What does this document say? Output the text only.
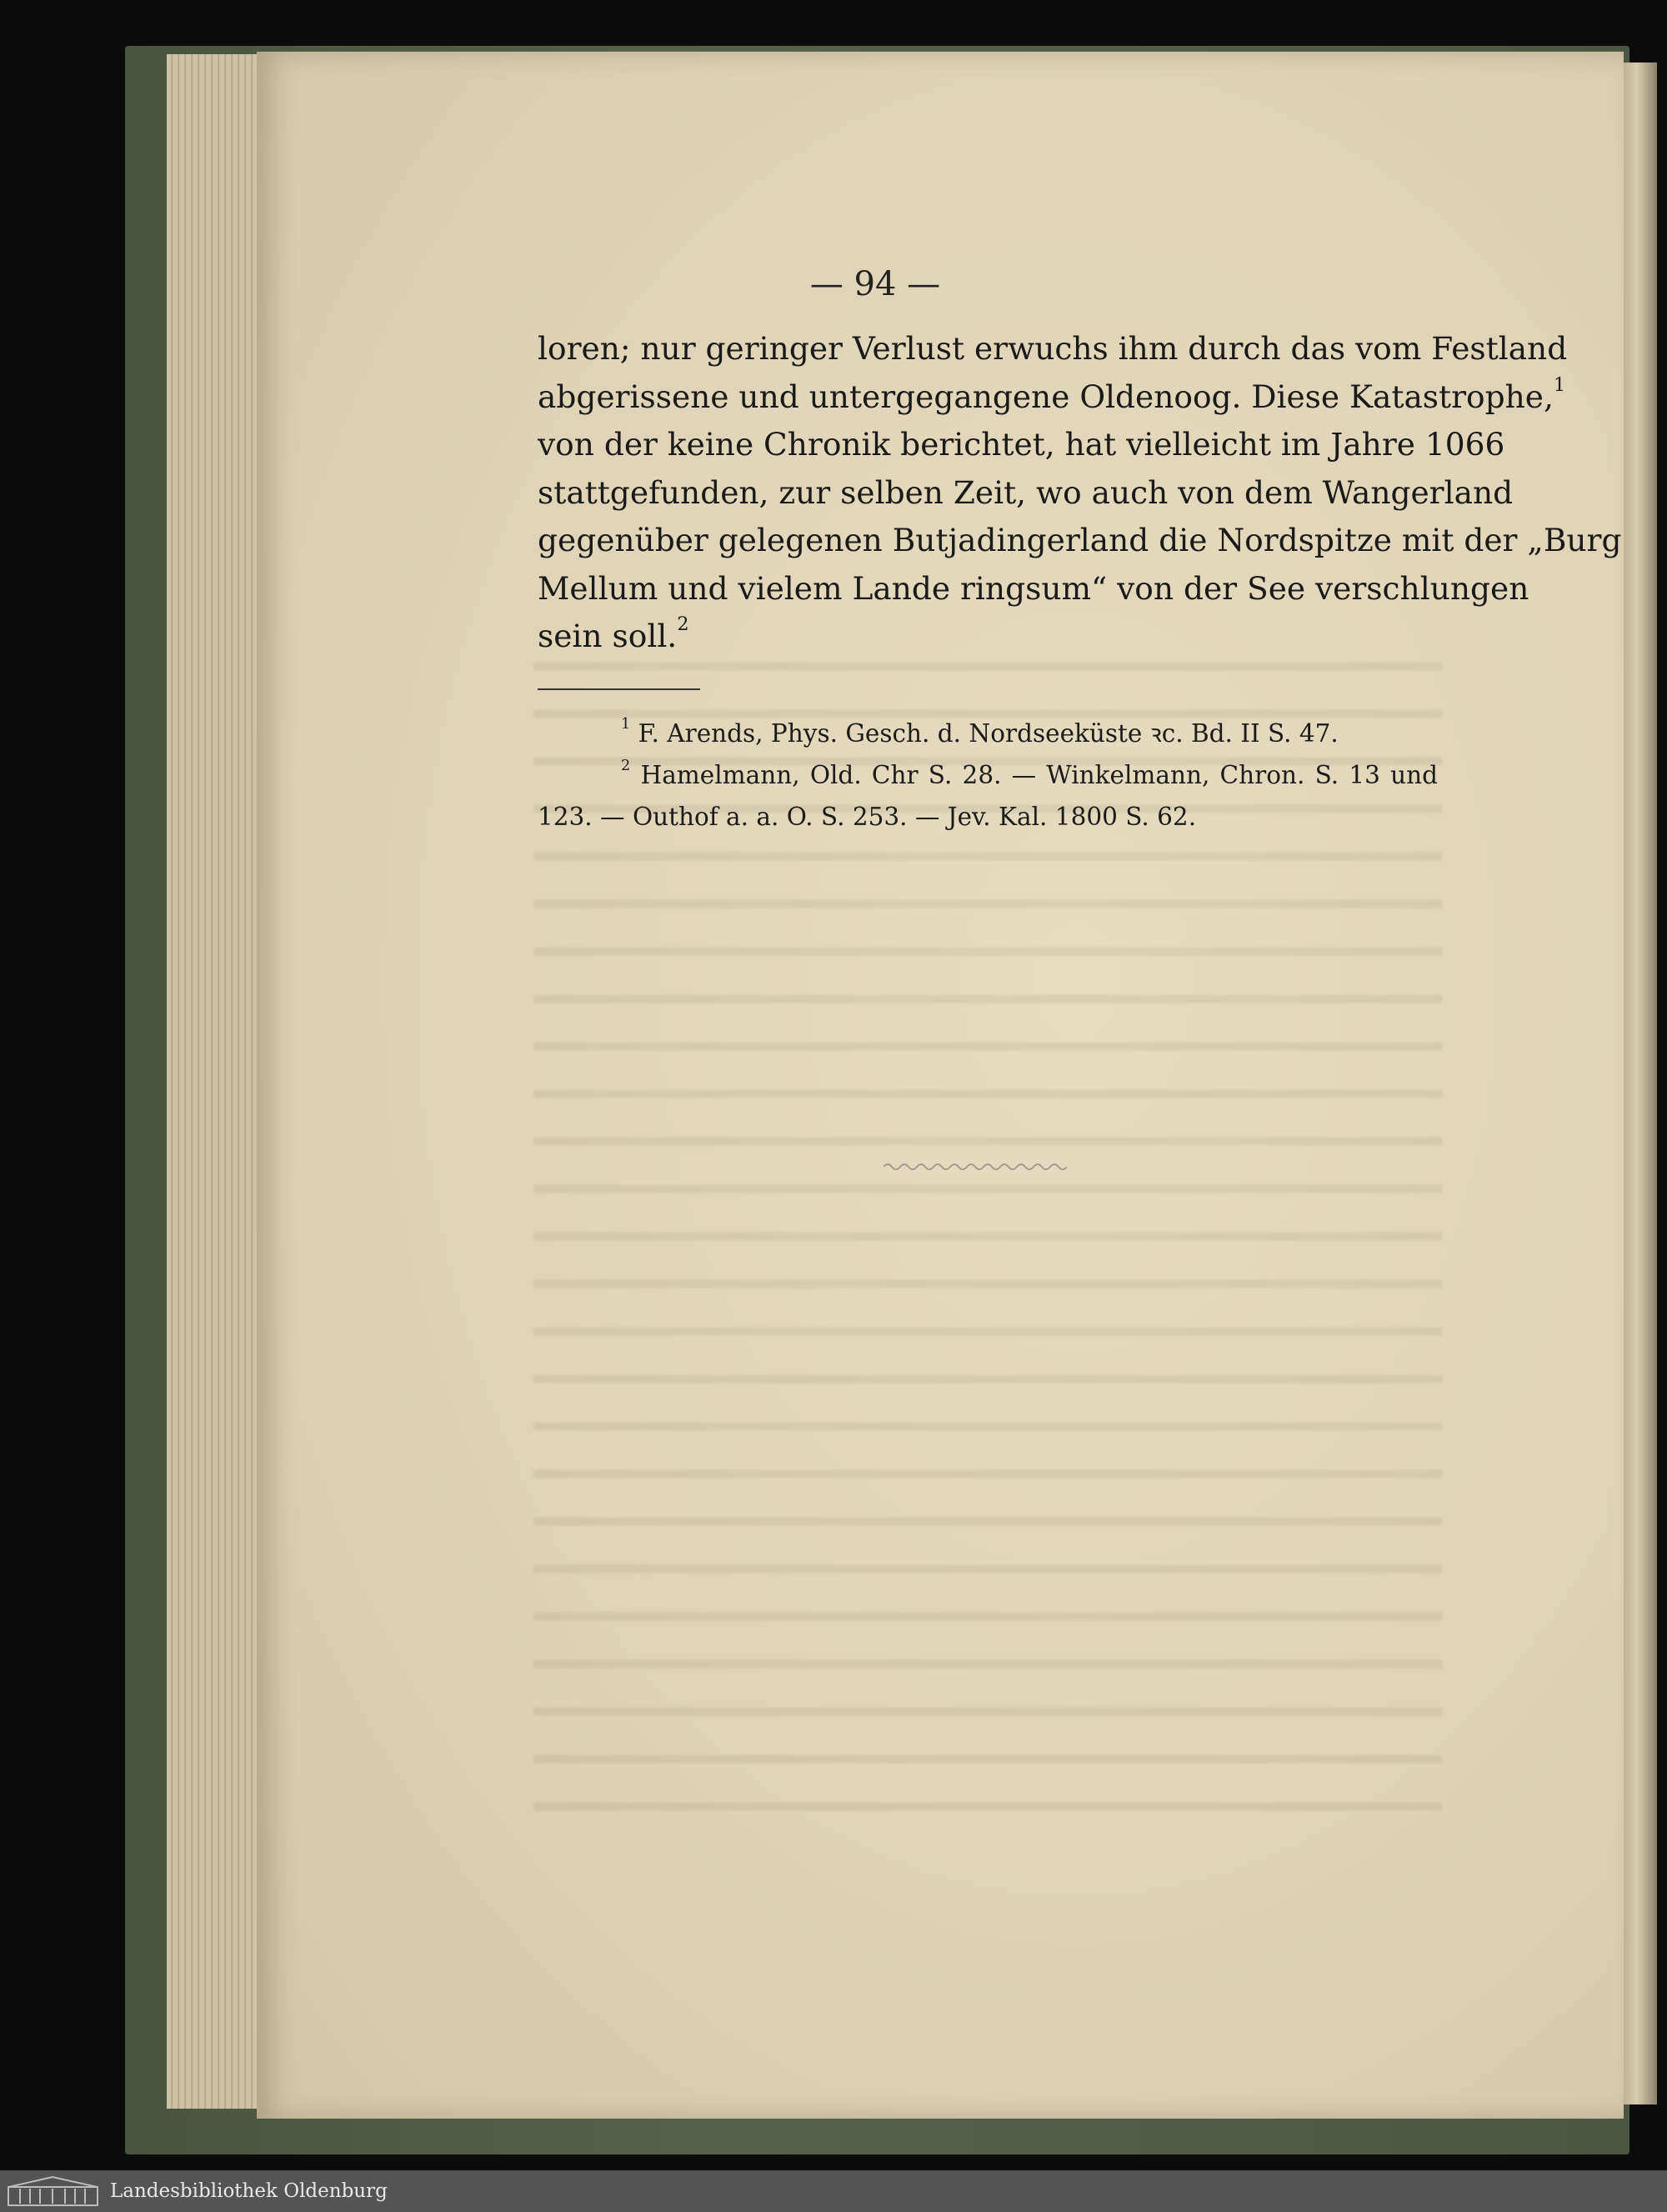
— 94 —
loren; nur geringer Verlust erwuchs ihm durch das vom Festland
abgerissene und untergegangene Oldenoog. Diese Katastrophe,$^1$
von der keine Chronik berichtet, hat vielleicht im Jahre 1066
stattgefunden, zur selben Zeit, wo auch von dem Wangerland
gegenüber gelegenen Butjadingerland die Nordspitze mit der „Burg
Mellum und vielem Lande ringsum“ von der See verschlungen
sein soll.$^2$
$^1$ F. Arends, Phys. Gesch. d. Nordseeküste ꝛc. Bd. II S. 47.
$^2$ Hamelmann, Old. Chr S. 28. — Winkelmann, Chron. S. 13 und
123. — Outhof a. a. O. S. 253. — Jev. Kal. 1800 S. 62.
Landesbibliothek Oldenburg
